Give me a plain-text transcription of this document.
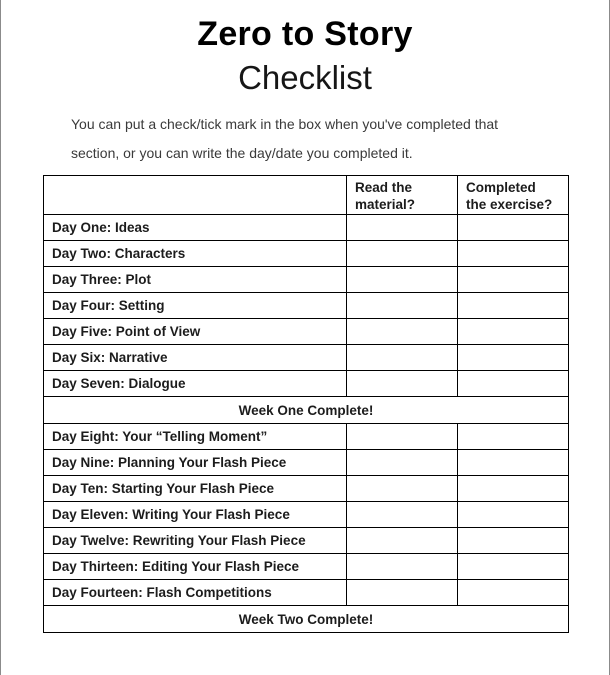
Zero to Story
Checklist
You can put a check/tick mark in the box when you've completed that
section, or you can write the day/date you completed it.
	Read the material?	Completed the exercise?
Day One: Ideas		
Day Two: Characters		
Day Three: Plot		
Day Four: Setting		
Day Five: Point of View		
Day Six: Narrative		
Day Seven: Dialogue		
Week One Complete!		
Day Eight: Your “Telling Moment”		
Day Nine: Planning Your Flash Piece		
Day Ten: Starting Your Flash Piece		
Day Eleven: Writing Your Flash Piece		
Day Twelve: Rewriting Your Flash Piece		
Day Thirteen: Editing Your Flash Piece		
Day Fourteen: Flash Competitions		
Week Two Complete!		
